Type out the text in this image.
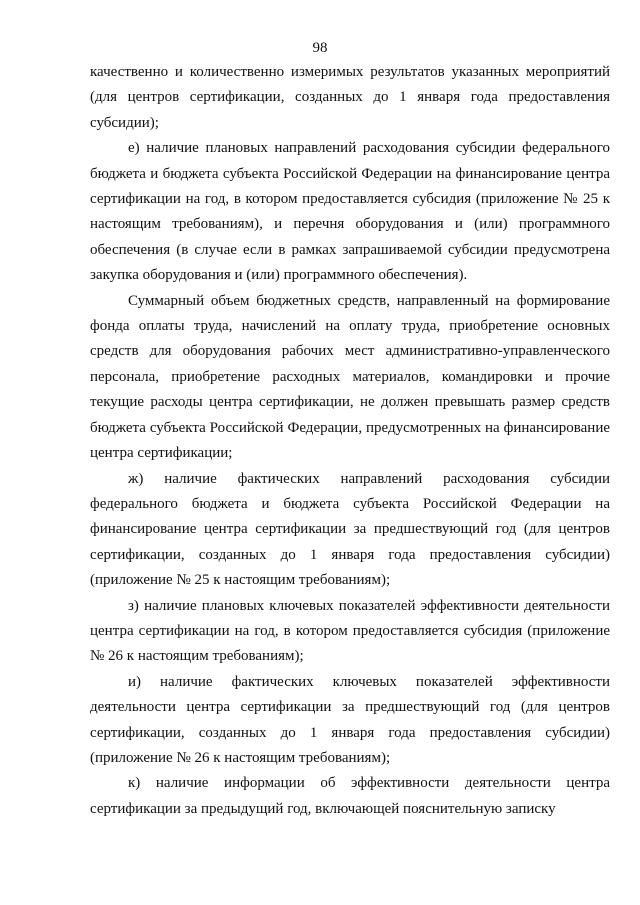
98

качественно и количественно измеримых результатов указанных мероприятий (для центров сертификации, созданных до 1 января года предоставления субсидии);

е) наличие плановых направлений расходования субсидии федерального бюджета и бюджета субъекта Российской Федерации на финансирование центра сертификации на год, в котором предоставляется субсидия (приложение № 25 к настоящим требованиям), и перечня оборудования и (или) программного обеспечения (в случае если в рамках запрашиваемой субсидии предусмотрена закупка оборудования и (или) программного обеспечения).

Суммарный объем бюджетных средств, направленный на формирование фонда оплаты труда, начислений на оплату труда, приобретение основных средств для оборудования рабочих мест административно-управленческого персонала, приобретение расходных материалов, командировки и прочие текущие расходы центра сертификации, не должен превышать размер средств бюджета субъекта Российской Федерации, предусмотренных на финансирование центра сертификации;

ж) наличие фактических направлений расходования субсидии федерального бюджета и бюджета субъекта Российской Федерации на финансирование центра сертификации за предшествующий год (для центров сертификации, созданных до 1 января года предоставления субсидии) (приложение № 25 к настоящим требованиям);

з) наличие плановых ключевых показателей эффективности деятельности центра сертификации на год, в котором предоставляется субсидия (приложение № 26 к настоящим требованиям);

и) наличие фактических ключевых показателей эффективности деятельности центра сертификации за предшествующий год (для центров сертификации, созданных до 1 января года предоставления субсидии) (приложение № 26 к настоящим требованиям);

к) наличие информации об эффективности деятельности центра сертификации за предыдущий год, включающей пояснительную записку
